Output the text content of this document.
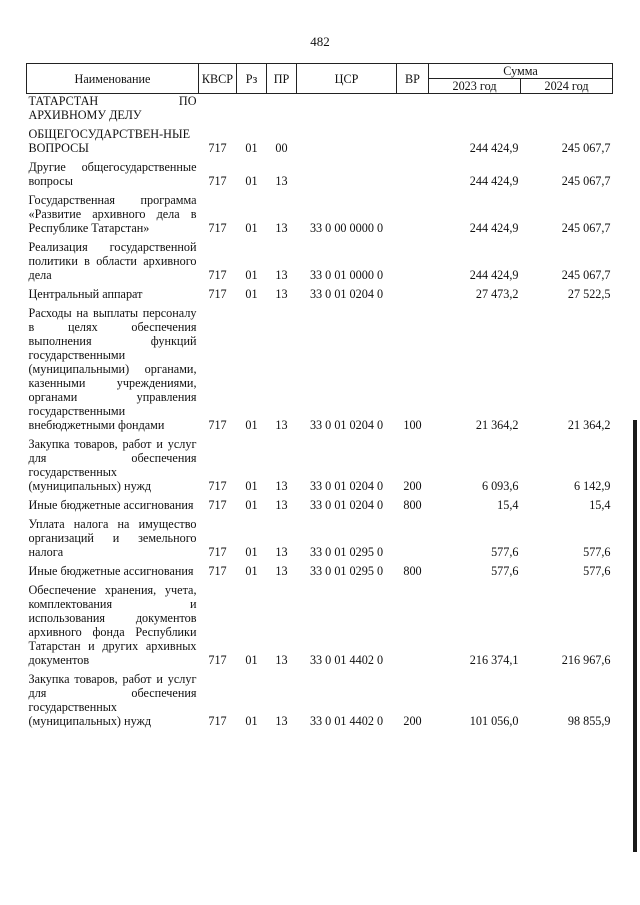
482
Наименование	КВСР	Рз	ПР	ЦСР	ВР	Сумма	
						2023 год	2024 год
ТАТАРСТАН ПО АРХИВНОМУ ДЕЛУ							
ОБЩЕГОСУДАРСТВЕН-НЫЕ ВОПРОСЫ	717	01	00			244 424,9	245 067,7
Другие общегосударственные вопросы	717	01	13			244 424,9	245 067,7
Государственная программа «Развитие архивного дела в Республике Татарстан»	717	01	13	33 0 00 0000 0		244 424,9	245 067,7
Реализация государственной политики в области архивного дела	717	01	13	33 0 01 0000 0		244 424,9	245 067,7
Центральный аппарат	717	01	13	33 0 01 0204 0		27 473,2	27 522,5
Расходы на выплаты персоналу в целях обеспечения выполнения функций государственными (муниципальными) органами, казенными учреждениями, органами управления государственными внебюджетными фондами	717	01	13	33 0 01 0204 0	100	21 364,2	21 364,2
Закупка товаров, работ и услуг для обеспечения государственных (муниципальных) нужд	717	01	13	33 0 01 0204 0	200	6 093,6	6 142,9
Иные бюджетные ассигнования	717	01	13	33 0 01 0204 0	800	15,4	15,4
Уплата налога на имущество организаций и земельного налога	717	01	13	33 0 01 0295 0		577,6	577,6
Иные бюджетные ассигнования	717	01	13	33 0 01 0295 0	800	577,6	577,6
Обеспечение хранения, учета, комплектования и использования документов архивного фонда Республики Татарстан и других архивных документов	717	01	13	33 0 01 4402 0		216 374,1	216 967,6
Закупка товаров, работ и услуг для обеспечения государственных (муниципальных) нужд	717	01	13	33 0 01 4402 0	200	101 056,0	98 855,9
